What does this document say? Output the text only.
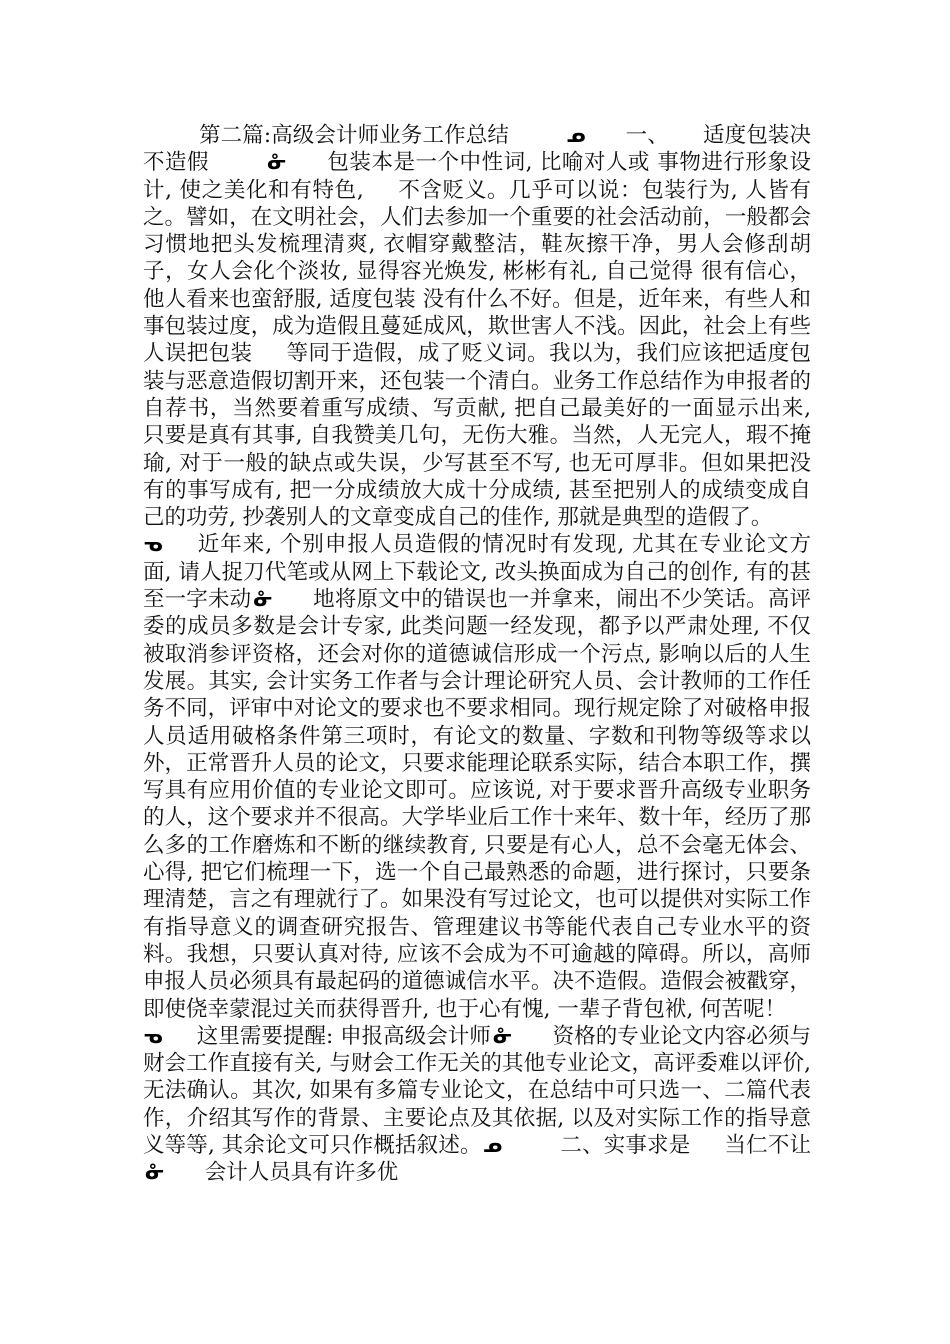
第二篇:高级会计师业务工作总结	ᓄ 一、 适度包装决不造假	ᓁ 包装本是一个中性词, 比喻对人或 事物进行形象设计, 使之美化和有特色, 不含贬义。几乎可以说：包装行为, 人皆有之。譬如，在文明社会，人们去参加一个重要的社会活动前，一般都会习惯地把头发梳理清爽, 衣帽穿戴整洁，鞋灰擦干净，男人会修刮胡子，女人会化个淡妆, 显得容光焕发, 彬彬有礼, 自己觉得 很有信心，他人看来也蛮舒服, 适度包装 没有什么不好。但是，近年来，有些人和事包装过度，成为造假且蔓延成风，欺世害人不浅。因此，社会上有些人误把包装 等同于造假，成了贬义词。我以为，我们应该把适度包装与恶意造假切割开来，还包装一个清白。业务工作总结作为申报者的自荐书，当然要着重写成绩、写贡献, 把自己最美好的一面显示出来, 只要是真有其事, 自我赞美几句，无伤大雅。当然，人无完人，瑕不掩瑜, 对于一般的缺点或失误，少写甚至不写, 也无可厚非。但如果把没有的事写成有, 把一分成绩放大成十分成绩, 甚至把别人的成绩变成自己的功劳, 抄袭别人的文章变成自己的佳作, 那就是典型的造假了。

ᓀ 近年来, 个别申报人员造假的情况时有发现, 尤其在专业论文方面, 请人捉刀代笔或从网上下载论文, 改头换面成为自己的创作, 有的甚至一字未动 ᓁ 地将原文中的错误也一并拿来，闹出不少笑话。高评委的成员多数是会计专家, 此类问题一经发现，都予以严肃处理, 不仅被取消参评资格，还会对你的道德诚信形成一个污点, 影响以后的人生发展。其实, 会计实务工作者与会计理论研究人员、会计教师的工作任务不同，评审中对论文的要求也不要求相同。现行规定除了对破格申报人员适用破格条件第三项时，有论文的数量、字数和刊物等级等求以外，正常晋升人员的论文，只要求能理论联系实际，结合本职工作，撰写具有应用价值的专业论文即可。应该说, 对于要求晋升高级专业职务的人，这个要求并不很高。大学毕业后工作十来年、数十年，经历了那么多的工作磨炼和不断的继续教育, 只要是有心人，总不会毫无体会、心得, 把它们梳理一下，选一个自己最熟悉的命题，进行探讨，只要条理清楚，言之有理就行了。如果没有写过论文，也可以提供对实际工作有指导意义的调查研究报告、管理建议书等能代表自己专业水平的资料。我想，只要认真对待, 应该不会成为不可逾越的障碍。所以，高师申报人员必须具有最起码的道德诚信水平。决不造假。造假会被戳穿，即使侥幸蒙混过关而获得晋升, 也于心有愧, 一辈子背包袱, 何苦呢！

ᓀ 这里需要提醒: 申报高级会计师 ᓁ 资格的专业论文内容必须与财会工作直接有关, 与财会工作无关的其他专业论文，高评委难以评价, 无法确认。其次, 如果有多篇专业论文，在总结中可只选一、二篇代表作，介绍其写作的背景、主要论点及其依据, 以及对实际工作的指导意义等等, 其余论文可只作概括叙述。 ᓄ	二、实事求是 当仁不让ᓁ 会计人员具有许多优
